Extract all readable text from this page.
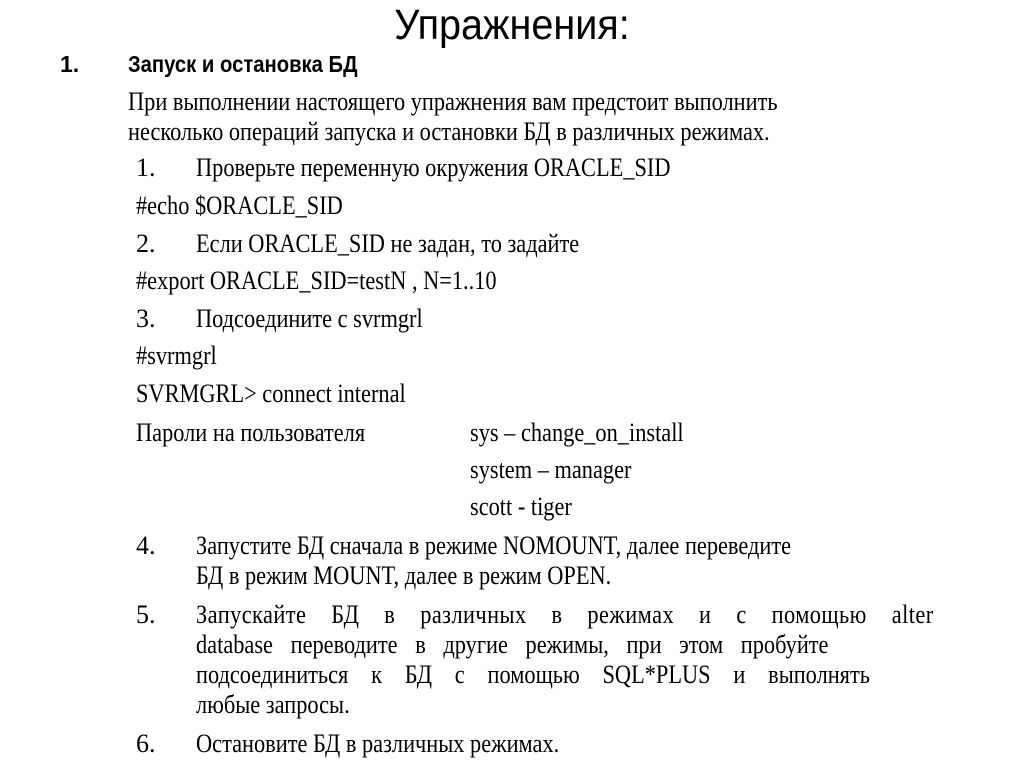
Упражнения:
1. Запуск и остановка БД
При выполнении настоящего упражнения вам предстоит выполнить
несколько операций запуска и остановки БД в различных режимах.
1. Проверьте переменную окружения ORACLE_SID
#echo $ORACLE_SID
2. Если ORACLE_SID не задан, то задайте
#export ORACLE_SID=testN , N=1..10
3. Подсоедините с svrmgrl
#svrmgrl
SVRMGRL> connect internal
Пароли на пользователя	sys – change_on_install
system – manager
scott - tiger
4. Запустите БД сначала в режиме NOMOUNT, далее переведите
БД в режим MOUNT, далее в режим OPEN.
5. Запускайте БД в различных в режимах и с помощью alter
database переводите в другие режимы, при этом пробуйте
подсоединиться к БД с помощью SQL*PLUS и выполнять
любые запросы.
6. Остановите БД в различных режимах.
